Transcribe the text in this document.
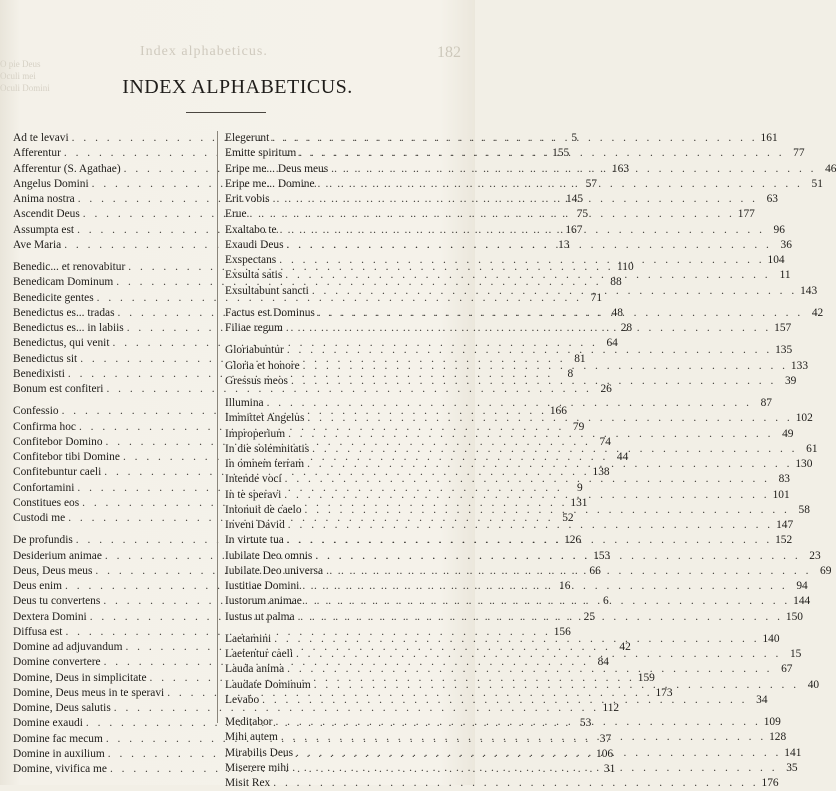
Index alphabeticus.	182
O pie Deus
Oculi mei
Oculi Domini	INDEX ALPHABETICUS.
Ad te levavi . . .	5
Afferentur . . .	155
Afferentur (S. Agathae) . . .	163
Angelus Domini . . .	57
Anima nostra . . .	145
Ascendit Deus . . .	75
Assumpta est . . .	167
Ave Maria . . .	13
Benedic... et renovabitur . . .	110
Benedicam Dominum . . .	88
Benedicite gentes . . .	71
Benedictus es... tradas . . .	48
Benedictus es... in labiis . . .	28
Benedictus, qui venit . . .	64
Benedictus sit . . .	81
Benedixisti . . .	8
Bonum est confiteri . . .	26
Confessio . . .	166
Confirma hoc . . .	79
Confitebor Domino . . .	74
Confitebor tibi Domine . . .	44
Confitebuntur caeli . . .	138
Confortamini . . .	9
Constitues eos . . .	131
Custodi me . . .	52
De profundis . . .	126
Desiderium animae . . .	153
Deus, Deus meus . . .	66
Deus enim . . .	16
Deus tu convertens . . .	6
Dextera Domini . . .	25
Diffusa est . . .	156
Domine ad adjuvandum . . .	42
Domine convertere . . .	84
Domine, Deus in simplicitate . . .	159
Domine, Deus meus in te speravi . . .	173
Domine, Deus salutis . . .	112
Domine exaudi . . .	53
Domine fac mecum . . .	37
Domine in auxilium . . .	106
Domine, vivifica me . . .	31
Elegerunt . . .	161
Emitte spiritum . . .	77
Eripe me... Deus meus . . .	46
Eripe me... Domine . . .	51
Erit vobis . . .	63
Erue . . .	177
Exaltabo te . . .	96
Exaudi Deus . . .	36
Exspectans . . .	104
Exsulta satis . . .	11
Exsultabunt sancti . . .	143
Factus est Dominus . . .	42
Filiae regum . . .	157
Gloriabuntur . . .	135
Gloria et honore . . .	133
Gressus meos . . .	39
Illumina . . .	87
Immittet Angelus . . .	102
Improperium . . .	49
In die solemnitatis . . .	61
In omnem terram . . .	130
Intende voci . . .	83
In te speravi . . .	101
Intonuit de caelo . . .	58
Inveni David . . .	147
In virtute tua . . .	152
Iubilate Deo omnis . . .	23
Iubilate Deo universa . . .	69
Iustitiae Domini . . .	94
Iustorum animae . . .	144
Iustus ut palma . . .	150
Laetamini . . .	140
Laetentur caeli . . .	15
Lauda anima . . .	67
Laudate Dominum . . .	40
Levabo . . .	34
Meditabor . . .	109
Mihi autem . . .	128
Mirabilis Deus . . .	141
Miserere mihi . . .	35
Misit Rex . . .	176
